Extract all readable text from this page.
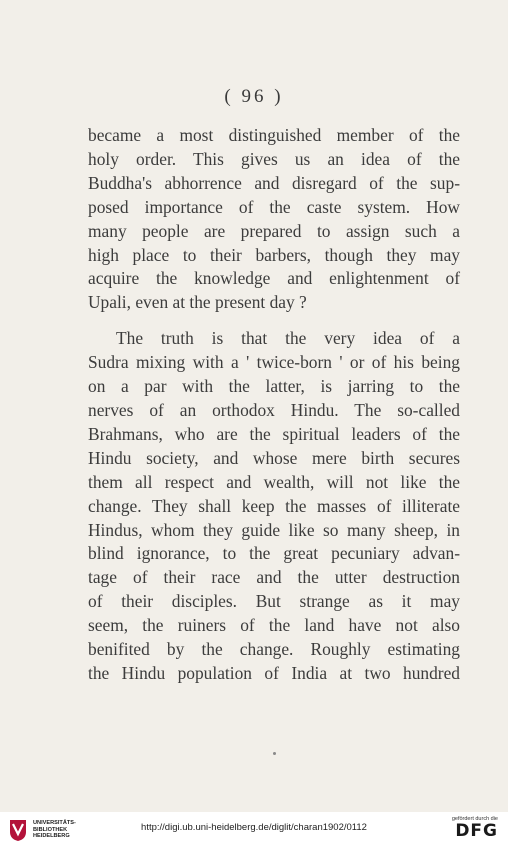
( 96 )
became a most distinguished member of the
holy order. This gives us an idea of the
Buddha's abhorrence and disregard of the sup-
posed importance of the caste system. How
many people are prepared to assign such a
high place to their barbers, though they may
acquire the knowledge and enlightenment of
Upali, even at the present day ?
The truth is that the very idea of a
Sudra mixing with a ' twice-born ' or of his being
on a par with the latter, is jarring to the
nerves of an orthodox Hindu. The so-called
Brahmans, who are the spiritual leaders of the
Hindu society, and whose mere birth secures
them all respect and wealth, will not like the
change. They shall keep the masses of illiterate
Hindus, whom they guide like so many sheep, in
blind ignorance, to the great pecuniary advan-
tage of their race and the utter destruction
of their disciples. But strange as it may
seem, the ruiners of the land have not also
benifited by the change. Roughly estimating
the Hindu population of India at two hundred
UNIVERSITÄTS-
BIBLIOTHEK
HEIDELBERG
http://digi.ub.uni-heidelberg.de/diglit/charan1902/0112
gefördert durch die
DFG
